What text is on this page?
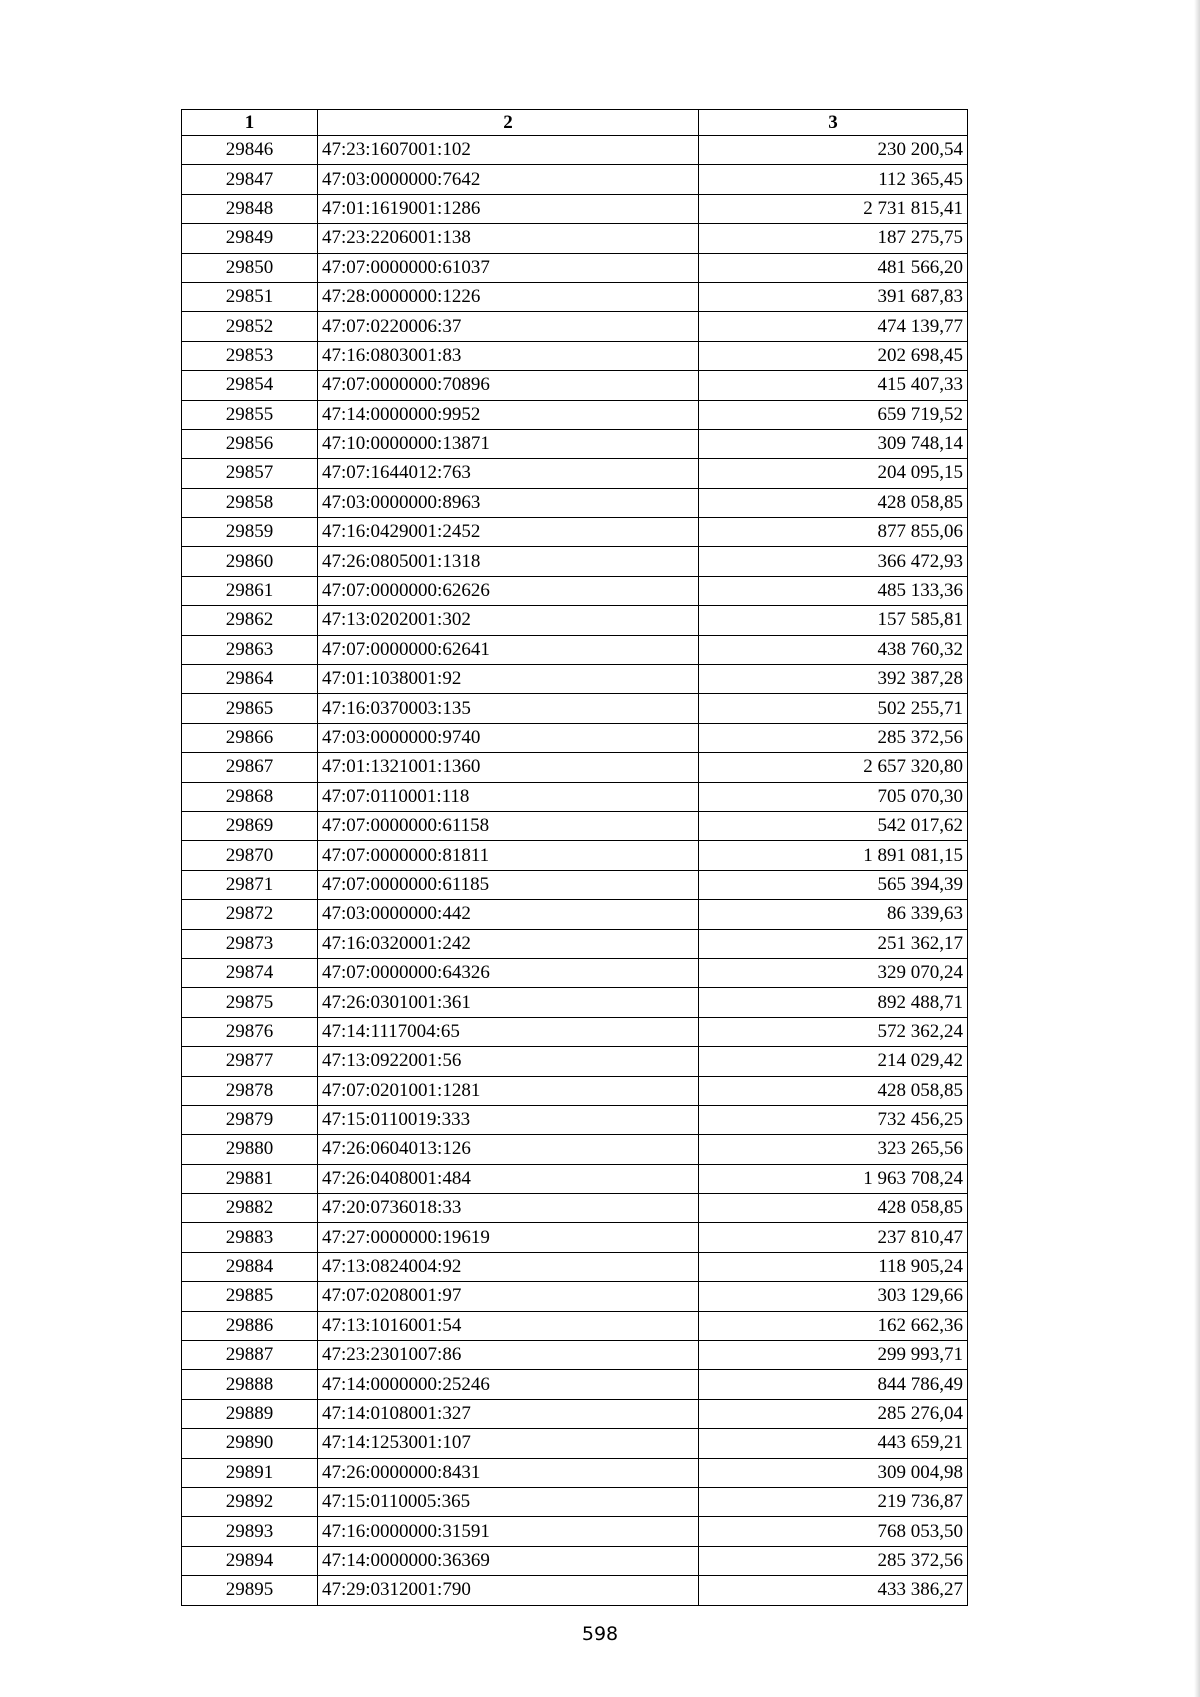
1	2	3
29846	47:23:1607001:102	230 200,54
29847	47:03:0000000:7642	112 365,45
29848	47:01:1619001:1286	2 731 815,41
29849	47:23:2206001:138	187 275,75
29850	47:07:0000000:61037	481 566,20
29851	47:28:0000000:1226	391 687,83
29852	47:07:0220006:37	474 139,77
29853	47:16:0803001:83	202 698,45
29854	47:07:0000000:70896	415 407,33
29855	47:14:0000000:9952	659 719,52
29856	47:10:0000000:13871	309 748,14
29857	47:07:1644012:763	204 095,15
29858	47:03:0000000:8963	428 058,85
29859	47:16:0429001:2452	877 855,06
29860	47:26:0805001:1318	366 472,93
29861	47:07:0000000:62626	485 133,36
29862	47:13:0202001:302	157 585,81
29863	47:07:0000000:62641	438 760,32
29864	47:01:1038001:92	392 387,28
29865	47:16:0370003:135	502 255,71
29866	47:03:0000000:9740	285 372,56
29867	47:01:1321001:1360	2 657 320,80
29868	47:07:0110001:118	705 070,30
29869	47:07:0000000:61158	542 017,62
29870	47:07:0000000:81811	1 891 081,15
29871	47:07:0000000:61185	565 394,39
29872	47:03:0000000:442	86 339,63
29873	47:16:0320001:242	251 362,17
29874	47:07:0000000:64326	329 070,24
29875	47:26:0301001:361	892 488,71
29876	47:14:1117004:65	572 362,24
29877	47:13:0922001:56	214 029,42
29878	47:07:0201001:1281	428 058,85
29879	47:15:0110019:333	732 456,25
29880	47:26:0604013:126	323 265,56
29881	47:26:0408001:484	1 963 708,24
29882	47:20:0736018:33	428 058,85
29883	47:27:0000000:19619	237 810,47
29884	47:13:0824004:92	118 905,24
29885	47:07:0208001:97	303 129,66
29886	47:13:1016001:54	162 662,36
29887	47:23:2301007:86	299 993,71
29888	47:14:0000000:25246	844 786,49
29889	47:14:0108001:327	285 276,04
29890	47:14:1253001:107	443 659,21
29891	47:26:0000000:8431	309 004,98
29892	47:15:0110005:365	219 736,87
29893	47:16:0000000:31591	768 053,50
29894	47:14:0000000:36369	285 372,56
29895	47:29:0312001:790	433 386,27
598
